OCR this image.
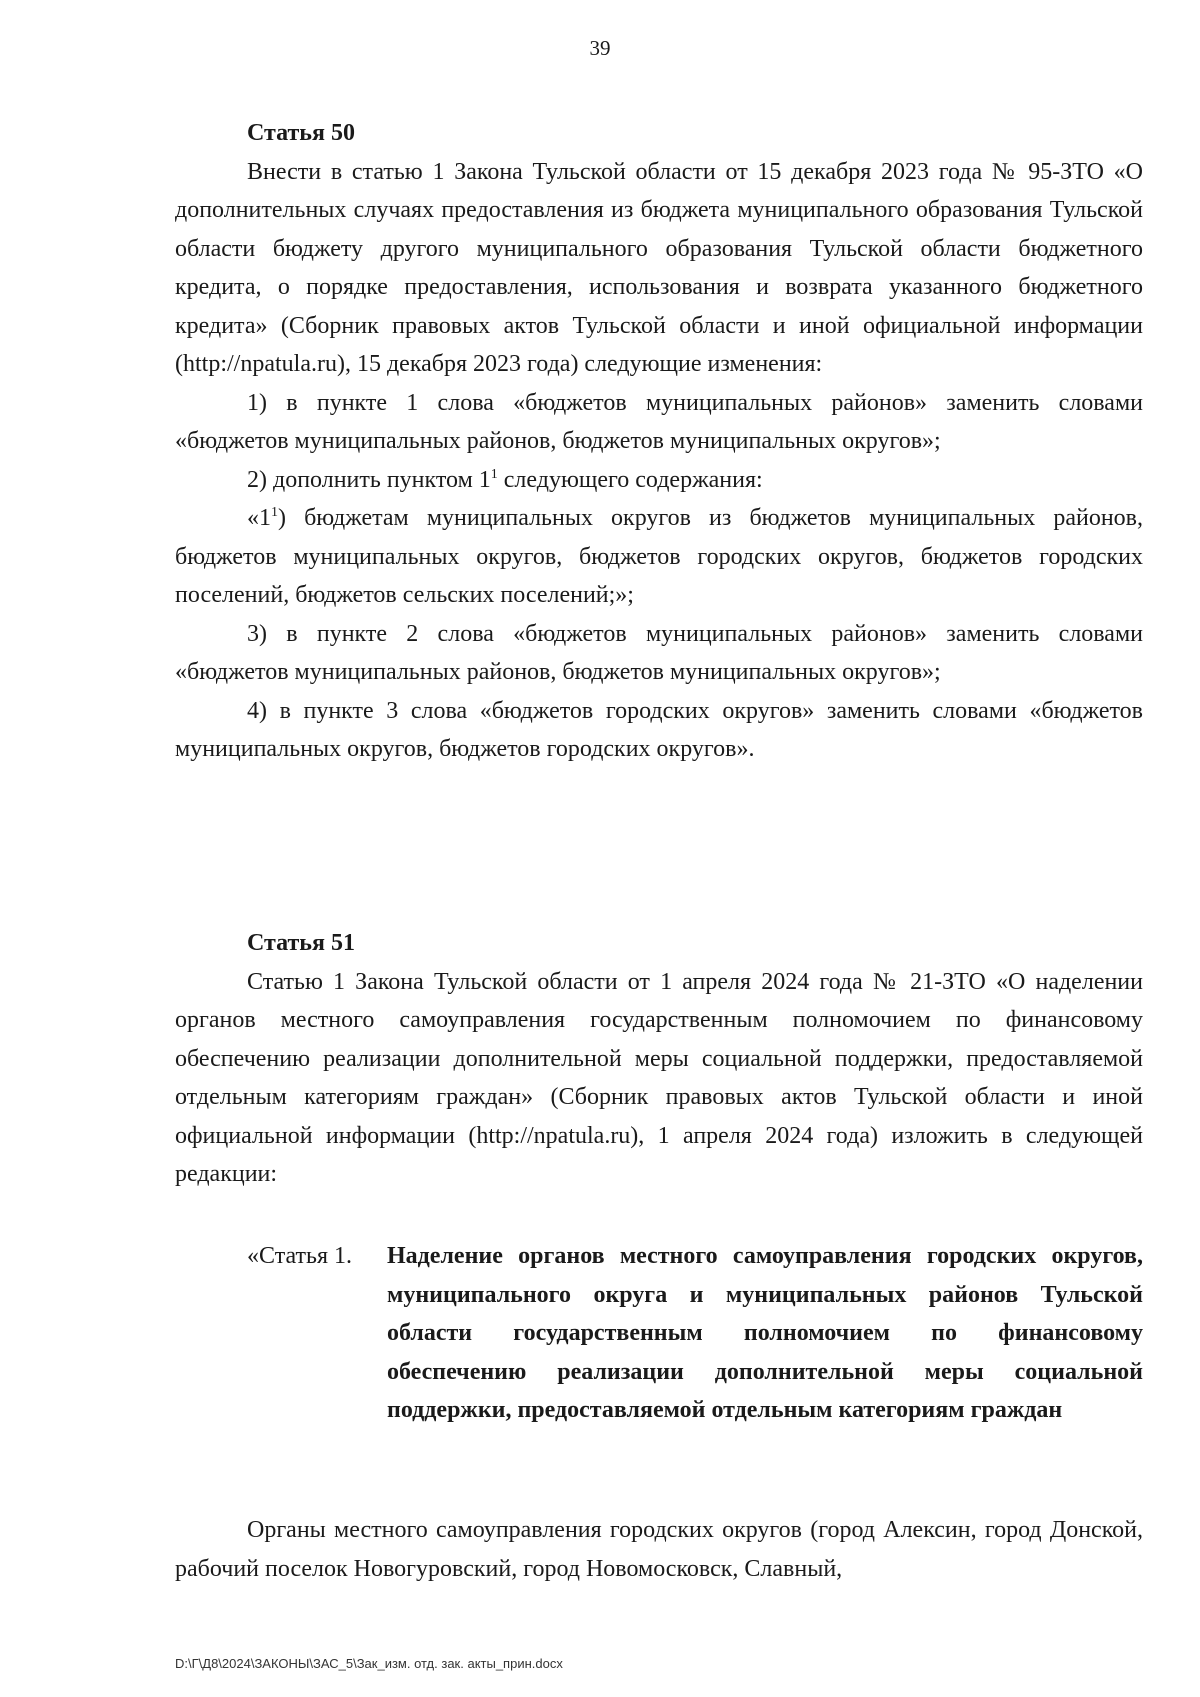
39
Статья 50

Внести в статью 1 Закона Тульской области от 15 декабря 2023 года № 95-ЗТО «О дополнительных случаях предоставления из бюджета муниципального образования Тульской области бюджету другого муниципального образования Тульской области бюджетного кредита, о порядке предоставления, использования и возврата указанного бюджетного кредита» (Сборник правовых актов Тульской области и иной официальной информации (http://npatula.ru), 15 декабря 2023 года) следующие изменения:

1) в пункте 1 слова «бюджетов муниципальных районов» заменить словами «бюджетов муниципальных районов, бюджетов муниципальных округов»;

2) дополнить пунктом $1^1$ следующего содержания:

«$1^1$) бюджетам муниципальных округов из бюджетов муниципальных районов, бюджетов муниципальных округов, бюджетов городских округов, бюджетов городских поселений, бюджетов сельских поселений;»;

3) в пункте 2 слова «бюджетов муниципальных районов» заменить словами «бюджетов муниципальных районов, бюджетов муниципальных округов»;

4) в пункте 3 слова «бюджетов городских округов» заменить словами «бюджетов муниципальных округов, бюджетов городских округов».

Статья 51

Статью 1 Закона Тульской области от 1 апреля 2024 года № 21-ЗТО «О наделении органов местного самоуправления государственным полномочием по финансовому обеспечению реализации дополнительной меры социальной поддержки, предоставляемой отдельным категориям граждан» (Сборник правовых актов Тульской области и иной официальной информации (http://npatula.ru), 1 апреля 2024 года) изложить в следующей редакции:

«Статья 1. Наделение органов местного самоуправления городских округов, муниципального округа и муниципальных районов Тульской области государственным полномочием по финансовому обеспечению реализации дополнительной меры социальной поддержки, предоставляемой отдельным категориям граждан

Органы местного самоуправления городских округов (город Алексин, город Донской, рабочий поселок Новогуровский, город Новомосковск, Славный,

D:\Г\Д8\2024\ЗАКОНЫ\ЗАС_5\Зак_изм. отд. зак. акты_прин.docx
